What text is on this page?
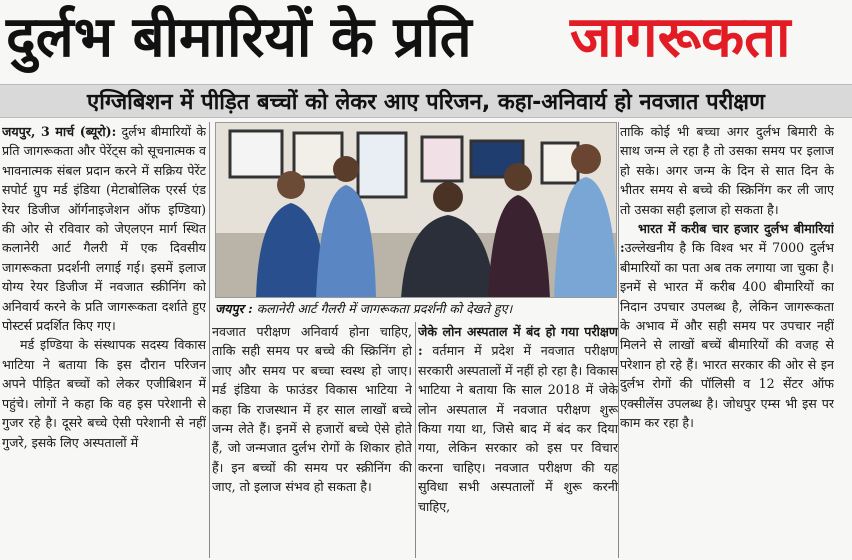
दुर्लभ बीमारियों के प्रति जागरूकता
एग्जिबिशन में पीड़ित बच्चों को लेकर आए परिजन, कहा-अनिवार्य हो नवजात परीक्षण

जयपुर, 3 मार्च (ब्यूरो): दुर्लभ बीमारियों के प्रति जागरूकता और पेरेंट्स को सूचनात्मक व भावनात्मक संबल प्रदान करने में सक्रिय पेरेंट सपोर्ट ग्रुप मर्ड इंडिया (मेटाबोलिक एरर्स एंड रेयर डिजीज ऑर्गनाइजेशन ऑफ इण्डिया) की ओर से रविवार को जेएलएन मार्ग स्थित कलानेरी आर्ट गैलरी में एक दिवसीय जागरूकता प्रदर्शनी लगाई गई। इसमें इलाज योग्य रेयर डिजीज में नवजात स्क्रीनिंग को अनिवार्य करने के प्रति जागरूकता दर्शाते हुए पोस्टर्स प्रदर्शित किए गए।

मर्ड इण्डिया के संस्थापक सदस्य विकास भाटिया ने बताया कि इस दौरान परिजन अपने पीड़ित बच्चों को लेकर एजीबिशन में पहुंचे। लोगों ने कहा कि वह इस परेशानी से गुजर रहे है। दूसरे बच्चे ऐसी परेशानी से नहीं गुजरे, इसके लिए अस्पतालों में

जयपुर : कलानेरी आर्ट गैलरी में जागरूकता प्रदर्शनी को देखते हुए।

नवजात परीक्षण अनिवार्य होना चाहिए, ताकि सही समय पर बच्चे की स्क्रिनिंग हो जाए और समय पर बच्चा स्वस्थ हो जाए। मर्ड इंडिया के फाउंडर विकास भाटिया ने कहा कि राजस्थान में हर साल लाखों बच्चे जन्म लेते हैं। इनमें से हजारों बच्चे ऐसे होते हैं, जो जन्मजात दुर्लभ रोगों के शिकार होते हैं। इन बच्चों की समय पर स्क्रीनिंग की जाए, तो इलाज संभव हो सकता है।

जेके लोन अस्पताल में बंद हो गया परीक्षण : वर्तमान में प्रदेश में नवजात परीक्षण सरकारी अस्पतालों में नहीं हो रहा है। विकास भाटिया ने बताया कि साल 2018 में जेके लोन अस्पताल में नवजात परीक्षण शुरू किया गया था, जिसे बाद में बंद कर दिया गया, लेकिन सरकार को इस पर विचार करना चाहिए। नवजात परीक्षण की यह सुविधा सभी अस्पतालों में शुरू करनी चाहिए,

ताकि कोई भी बच्चा अगर दुर्लभ बिमारी के साथ जन्म ले रहा है तो उसका समय पर इलाज हो सके। अगर जन्म के दिन से सात दिन के भीतर समय से बच्चे की स्क्रिनिंग कर ली जाए तो उसका सही इलाज हो सकता है।

भारत में करीब चार हजार दुर्लभ बीमारियां :उल्लेखनीय है कि विश्व भर में 7000 दुर्लभ बीमारियों का पता अब तक लगाया जा चुका है। इनमें से भारत में करीब 400 बीमारियों का निदान उपचार उपलब्ध है, लेकिन जागरूकता के अभाव में और सही समय पर उपचार नहीं मिलने से लाखों बच्चें बीमारियों की वजह से परेशान हो रहे हैं। भारत सरकार की ओर से इन दुर्लभ रोगों की पॉलिसी व 12 सेंटर ऑफ एक्सीलेंस उपलब्ध है। जोधपुर एम्स भी इस पर काम कर रहा है।
